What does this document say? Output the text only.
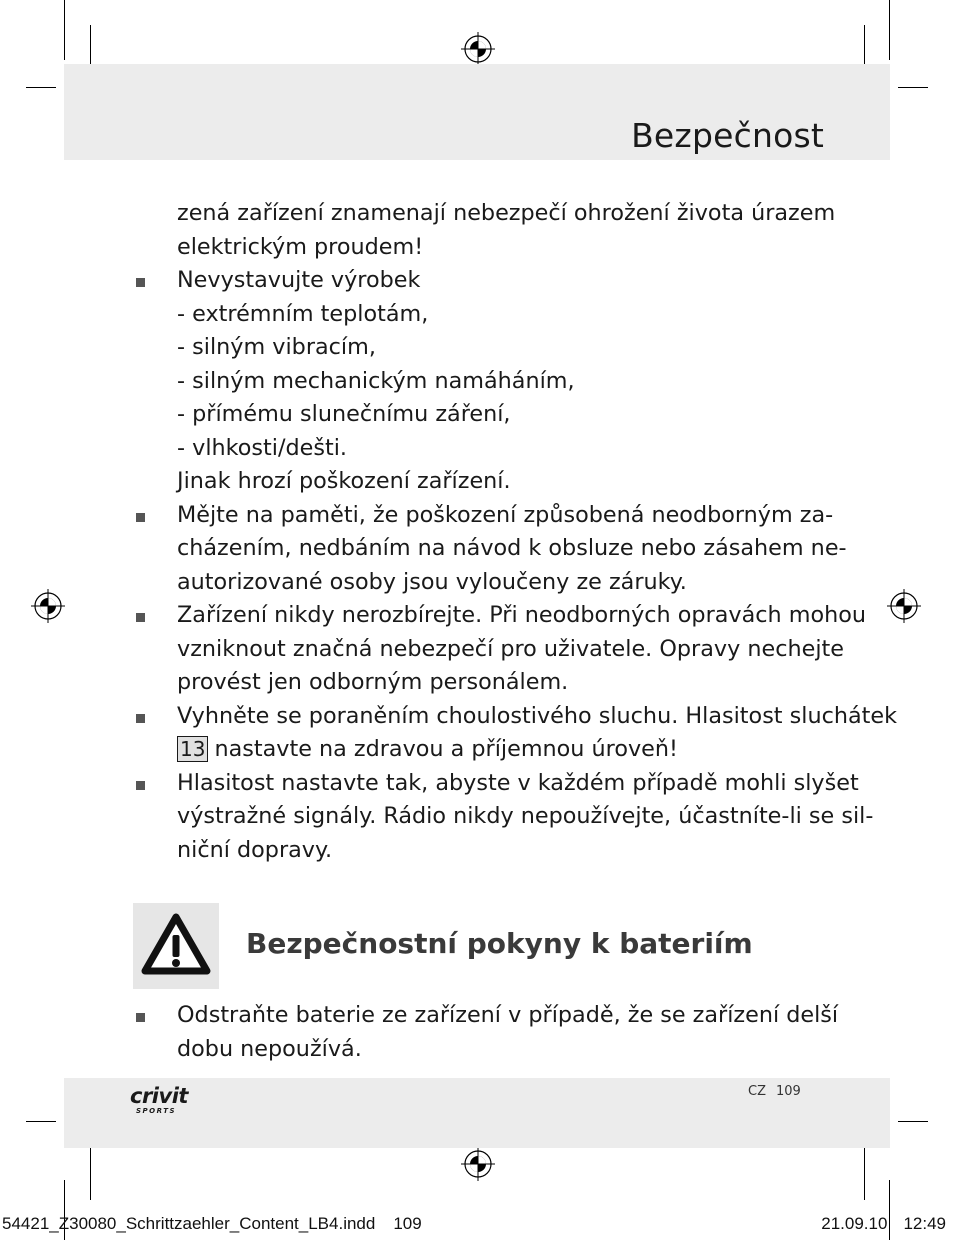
Bezpečnost
zená zařízení znamenají nebezpečí ohrožení života úrazem
elektrickým proudem!
Nevystavujte výrobek
- extrémním teplotám,
- silným vibracím,
- silným mechanickým namáháním,
- přímému slunečnímu záření,
- vlhkosti/dešti.
Jinak hrozí poškození zařízení.
Mějte na paměti, že poškození způsobená neodborným za-
cházením, nedbáním na návod k obsluze nebo zásahem ne-
autorizované osoby jsou vyloučeny ze záruky.
Zařízení nikdy nerozbírejte. Při neodborných opravách mohou
vzniknout značná nebezpečí pro uživatele. Opravy nechejte
provést jen odborným personálem.
Vyhněte se poraněním choulostivého sluchu. Hlasitost sluchátek
13 nastavte na zdravou a příjemnou úroveň!
Hlasitost nastavte tak, abyste v každém případě mohli slyšet
výstražné signály. Rádio nikdy nepoužívejte, účastníte-li se sil-
niční dopravy.
Bezpečnostní pokyny k bateriím
Odstraňte baterie ze zařízení v případě, že se zařízení delší
dobu nepoužívá.
crivit
SPORTS
CZ 109
54421_Z30080_Schrittzaehler_Content_LB4.indd 109	21.09.10 12:49
